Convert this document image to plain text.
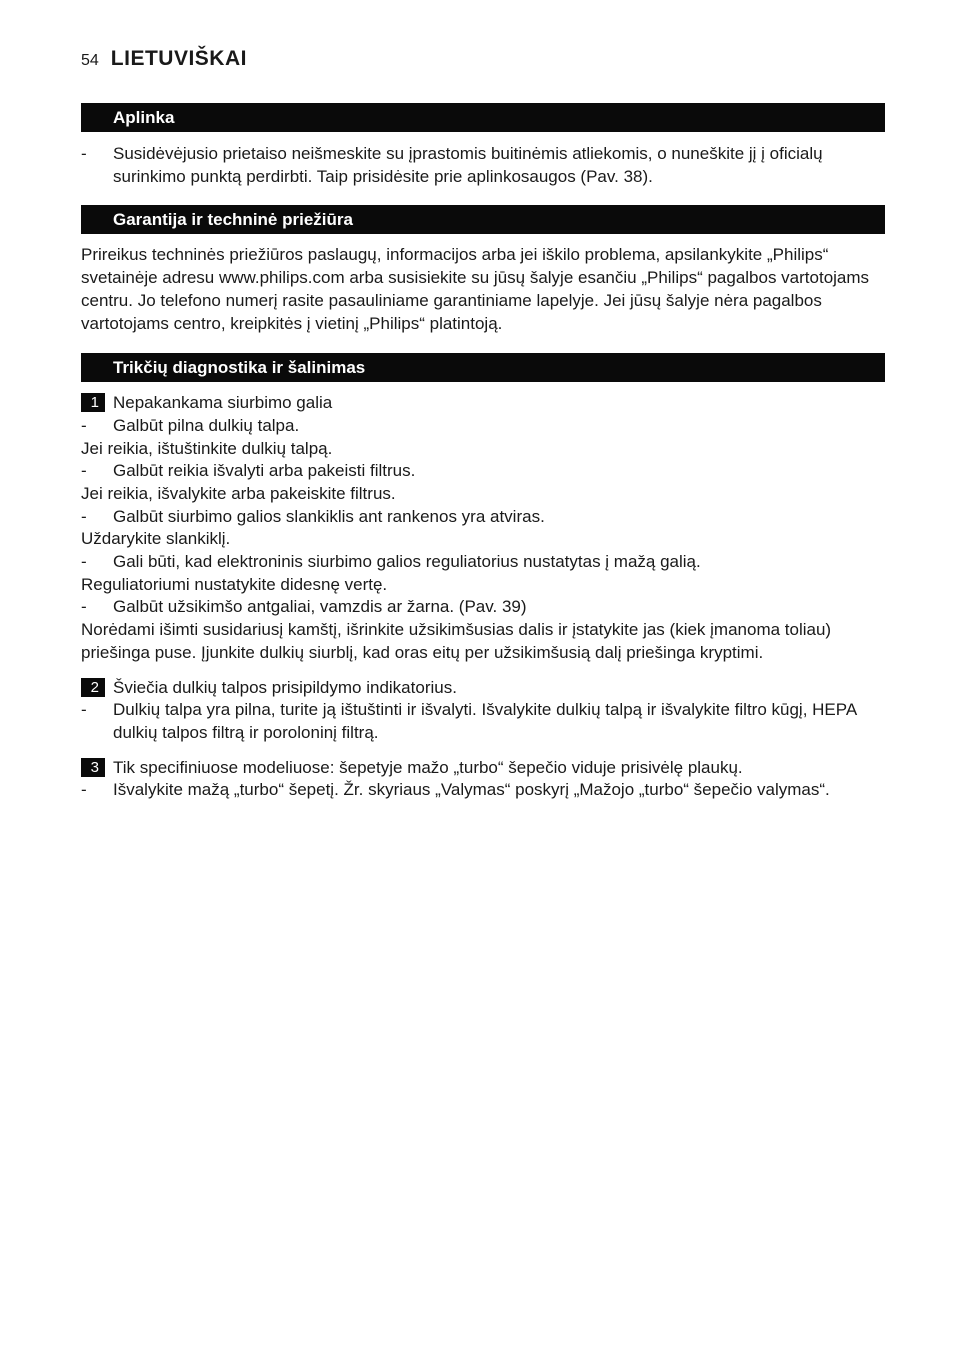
54 LIETUVIŠKAI
Aplinka
-	Susidėvėjusio prietaiso neišmeskite su įprastomis buitinėmis atliekomis, o nuneškite jį į oficialų surinkimo punktą perdirbti. Taip prisidėsite prie aplinkosaugos (Pav. 38).
Garantija ir techninė priežiūra

Prireikus techninės priežiūros paslaugų, informacijos arba jei iškilo problema, apsilankykite „Philips“ svetainėje adresu www.philips.com arba susisiekite su jūsų šalyje esančiu „Philips“ pagalbos vartotojams centru. Jo telefono numerį rasite pasauliniame garantiniame lapelyje. Jei jūsų šalyje nėra pagalbos vartotojams centro, kreipkitės į vietinį „Philips“ platintoją.

Trikčių diagnostika ir šalinimas
1 Nepakankama siurbimo galia
-	Galbūt pilna dulkių talpa.

Jei reikia, ištuštinkite dulkių talpą.

-	Galbūt reikia išvalyti arba pakeisti filtrus.

Jei reikia, išvalykite arba pakeiskite filtrus.

-	Galbūt siurbimo galios slankiklis ant rankenos yra atviras.

Uždarykite slankiklį.

-	Gali būti, kad elektroninis siurbimo galios reguliatorius nustatytas į mažą galią.

Reguliatoriumi nustatykite didesnę vertę.

-	Galbūt užsikimšo antgaliai, vamzdis ar žarna. (Pav. 39)

Norėdami išimti susidariusį kamštį, išrinkite užsikimšusias dalis ir įstatykite jas (kiek įmanoma toliau) priešinga puse. Įjunkite dulkių siurblį, kad oras eitų per užsikimšusią dalį priešinga kryptimi.

2 Šviečia dulkių talpos prisipildymo indikatorius.
-	Dulkių talpa yra pilna, turite ją ištuštinti ir išvalyti. Išvalykite dulkių talpą ir išvalykite filtro kūgį, HEPA dulkių talpos filtrą ir poroloninį filtrą.
3 Tik specifiniuose modeliuose: šepetyje mažo „turbo“ šepečio viduje prisivėlę plaukų.
-	Išvalykite mažą „turbo“ šepetį. Žr. skyriaus „Valymas“ poskyrį „Mažojo „turbo“ šepečio valymas“.
